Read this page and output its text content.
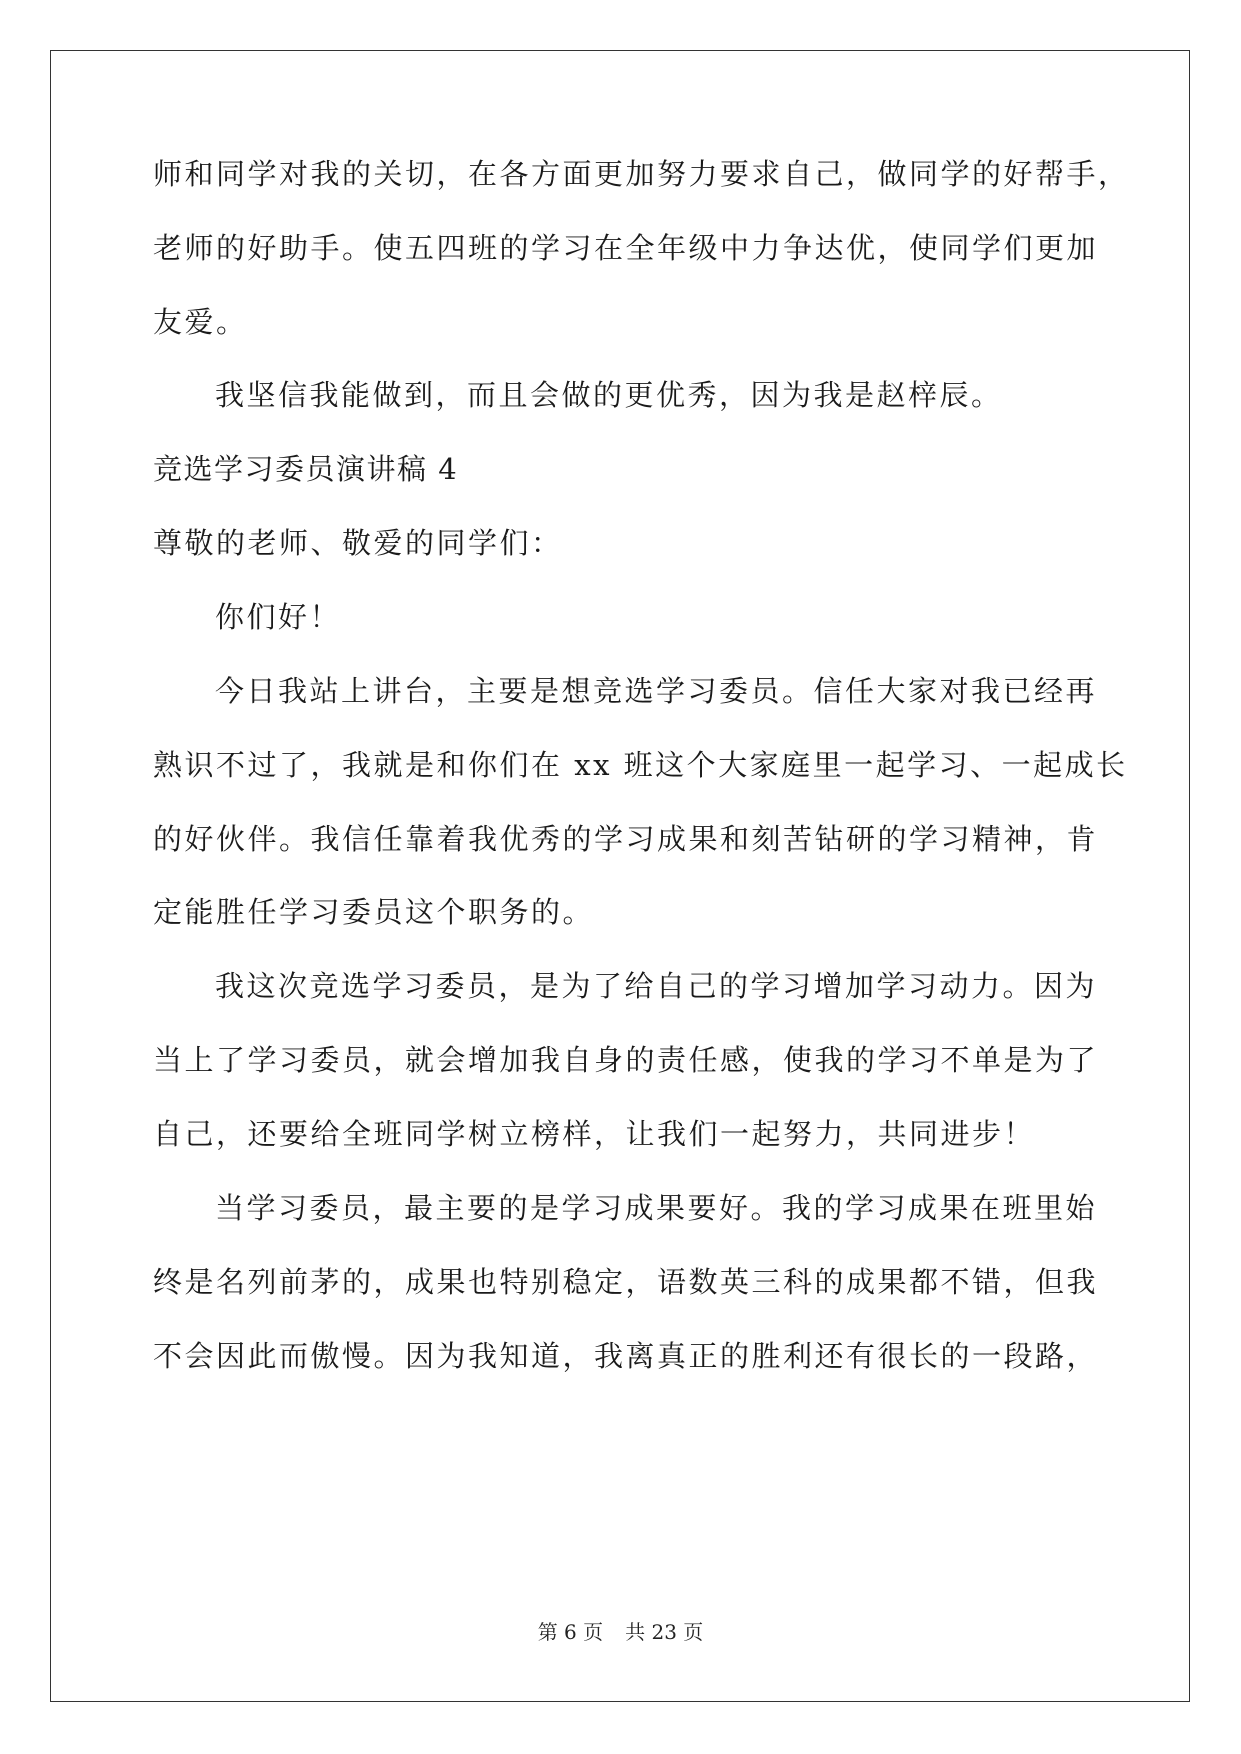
师和同学对我的关切，在各方面更加努力要求自己，做同学的好帮手，
老师的好助手。使五四班的学习在全年级中力争达优，使同学们更加
友爱。
我坚信我能做到，而且会做的更优秀，因为我是赵梓辰。
竞选学习委员演讲稿 4
尊敬的老师、敬爱的同学们：
你们好！
今日我站上讲台，主要是想竞选学习委员。信任大家对我已经再
熟识不过了，我就是和你们在 xx 班这个大家庭里一起学习、一起成长
的好伙伴。我信任靠着我优秀的学习成果和刻苦钻研的学习精神，肯
定能胜任学习委员这个职务的。
我这次竞选学习委员，是为了给自己的学习增加学习动力。因为
当上了学习委员，就会增加我自身的责任感，使我的学习不单是为了
自己，还要给全班同学树立榜样，让我们一起努力，共同进步！
当学习委员，最主要的是学习成果要好。我的学习成果在班里始
终是名列前茅的，成果也特别稳定，语数英三科的成果都不错，但我
不会因此而傲慢。因为我知道，我离真正的胜利还有很长的一段路，
第 6 页 共 23 页
